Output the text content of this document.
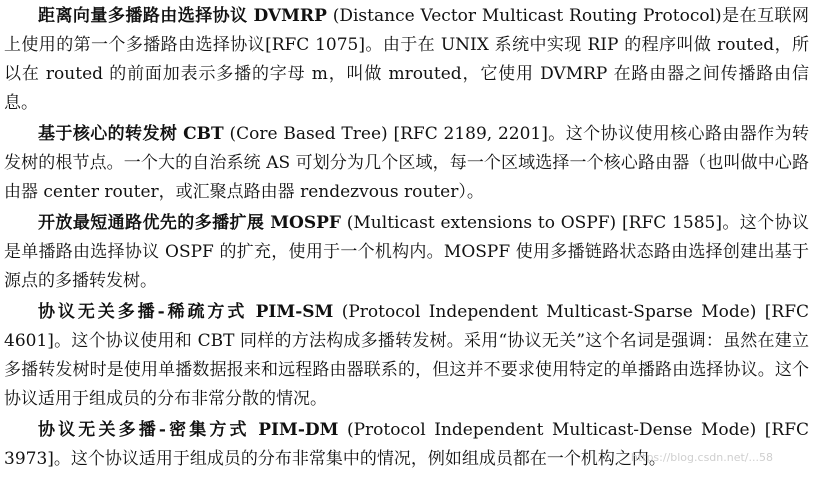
距离向量多播路由选择协议 DVMRP (Distance Vector Multicast Routing Protocol)是在互联网上使用的第一个多播路由选择协议[RFC 1075]。由于在 UNIX 系统中实现 RIP 的程序叫做 routed，所以在 routed 的前面加表示多播的字母 m，叫做 mrouted，它使用 DVMRP 在路由器之间传播路由信息。

基于核心的转发树 CBT (Core Based Tree) [RFC 2189, 2201]。这个协议使用核心路由器作为转发树的根节点。一个大的自治系统 AS 可划分为几个区域，每一个区域选择一个核心路由器（也叫做中心路由器 center router，或汇聚点路由器 rendezvous router）。

开放最短通路优先的多播扩展 MOSPF (Multicast extensions to OSPF) [RFC 1585]。这个协议是单播路由选择协议 OSPF 的扩充，使用于一个机构内。MOSPF 使用多播链路状态路由选择创建出基于源点的多播转发树。

协议无关多播-稀疏方式 PIM-SM (Protocol Independent Multicast-Sparse Mode) [RFC 4601]。这个协议使用和 CBT 同样的方法构成多播转发树。采用“协议无关”这个名词是强调：虽然在建立多播转发树时是使用单播数据报来和远程路由器联系的，但这并不要求使用特定的单播路由选择协议。这个协议适用于组成员的分布非常分散的情况。

协议无关多播-密集方式 PIM-DM (Protocol Independent Multicast-Dense Mode) [RFC 3973]。这个协议适用于组成员的分布非常集中的情况，例如组成员都在一个机构之内。

https://blog.csdn.net/...58
